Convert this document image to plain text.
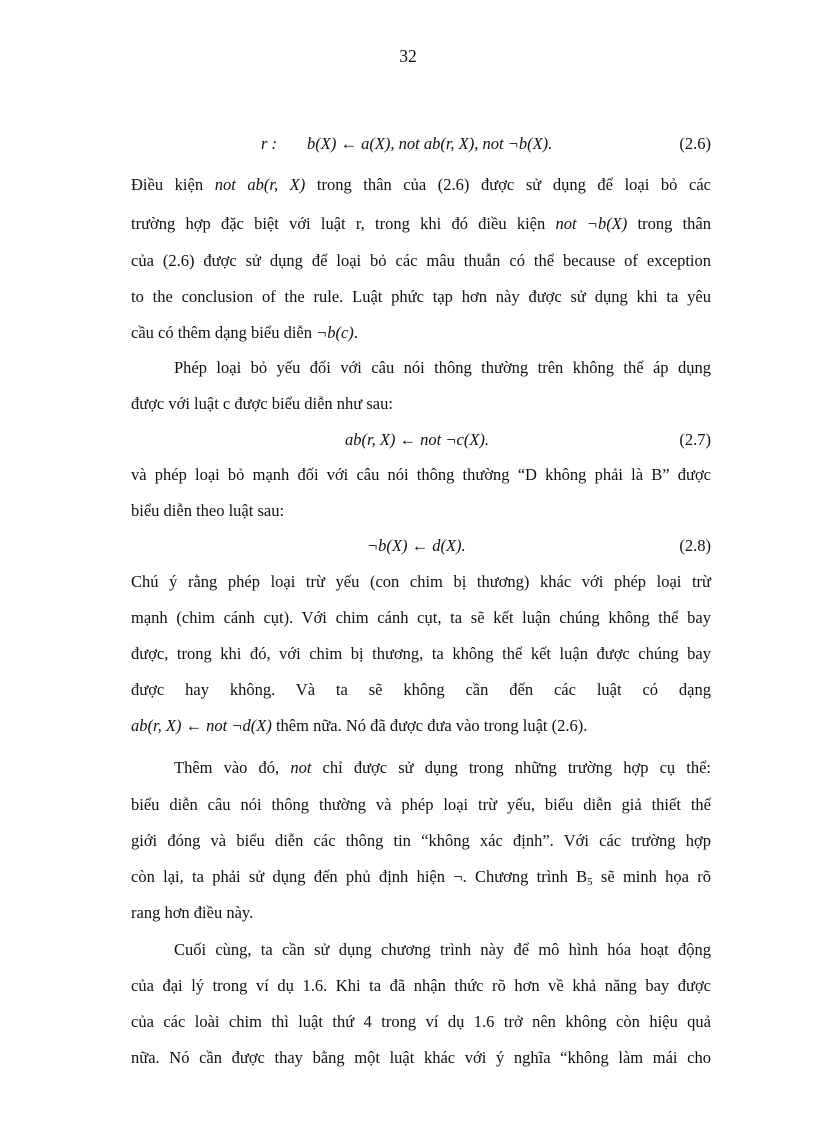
32
r : b(X) ← a(X), not ab(r, X), not ¬b(X).	(2.6)
Điều kiện not ab(r, X) trong thân của (2.6) được sử dụng để loại bỏ các
trường hợp đặc biệt với luật r, trong khi đó điều kiện not ¬b(X) trong thân
của (2.6) được sử dụng để loại bỏ các mâu thuẫn có thể because of exception
to the conclusion of the rule. Luật phức tạp hơn này được sử dụng khi ta yêu
cầu có thêm dạng biểu diễn ¬b(c).
Phép loại bỏ yếu đối với câu nói thông thường trên không thể áp dụng
được với luật c được biểu diễn như sau:
ab(r, X) ← not ¬c(X).	(2.7)
và phép loại bỏ mạnh đối với câu nói thông thường “D không phải là B” được
biểu diễn theo luật sau:
¬b(X) ← d(X).	(2.8)
Chú ý rằng phép loại trừ yếu (con chim bị thương) khác với phép loại trừ
mạnh (chim cánh cụt). Với chim cánh cụt, ta sẽ kết luận chúng không thể bay
được, trong khi đó, với chim bị thương, ta không thể kết luận được chúng bay
được hay không. Và ta sẽ không cần đến các luật có dạng
ab(r, X) ← not ¬d(X) thêm nữa. Nó đã được đưa vào trong luật (2.6).
Thêm vào đó, not chỉ được sử dụng trong những trường hợp cụ thể:
biểu diễn câu nói thông thường và phép loại trừ yếu, biểu diễn giả thiết thế
giới đóng và biểu diễn các thông tin “không xác định”. Với các trường hợp
còn lại, ta phải sử dụng đến phủ định hiện ¬. Chương trình $B_5$ sẽ minh họa rõ
rang hơn điều này.
Cuối cùng, ta cần sử dụng chương trình này để mô hình hóa hoạt động
của đại lý trong ví dụ 1.6. Khi ta đã nhận thức rõ hơn về khả năng bay được
của các loài chim thì luật thứ 4 trong ví dụ 1.6 trở nên không còn hiệu quả
nữa. Nó cần được thay bằng một luật khác với ý nghĩa “không làm mái cho
